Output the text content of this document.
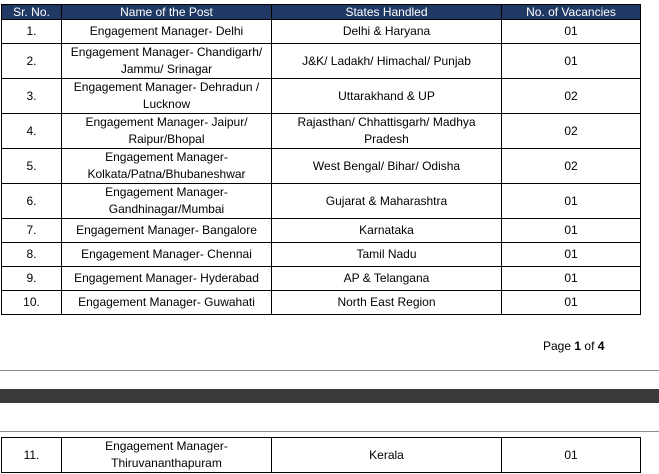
Sr. No.	Name of the Post	States Handled	No. of Vacancies
1.	Engagement Manager- Delhi	Delhi & Haryana	01
2.	Engagement Manager- Chandigarh/ Jammu/ Srinagar	J&K/ Ladakh/ Himachal/ Punjab	01
3.	Engagement Manager- Dehradun / Lucknow	Uttarakhand & UP	02
4.	Engagement Manager- Jaipur/ Raipur/Bhopal	Rajasthan/ Chhattisgarh/ Madhya Pradesh	02
5.	Engagement Manager- Kolkata/Patna/Bhubaneshwar	West Bengal/ Bihar/ Odisha	02
6.	Engagement Manager- Gandhinagar/Mumbai	Gujarat & Maharashtra	01
7.	Engagement Manager- Bangalore	Karnataka	01
8.	Engagement Manager- Chennai	Tamil Nadu	01
9.	Engagement Manager- Hyderabad	AP & Telangana	01
10.	Engagement Manager- Guwahati	North East Region	01
Page 1 of 4
11.	Engagement Manager- Thiruvananthapuram	Kerala	01
